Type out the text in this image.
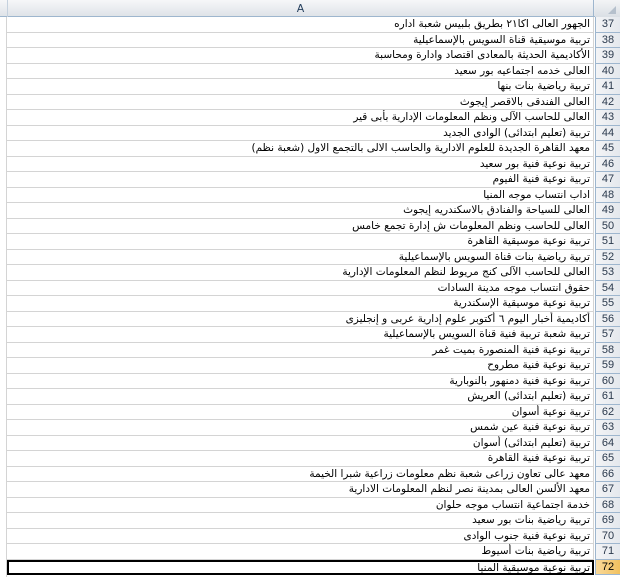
A
الجهور العالى اكا٢١ بطريق بلبيس شعبة اداره	37
تربية موسيقية قناة السويس بالإسماعيلية	38
الأكاديمية الحديثة بالمعادى اقتصاد وادارة ومحاسبة	39
العالى خدمه اجتماعيه بور سعيد	40
تربية رياضية بنات بنها	41
العالى الفندقى بالاقصر إيجوث	42
العالى للحاسب الآلى ونظم المعلومات الإدارية بأبى قير	43
تربية (تعليم ابتدائى) الوادى الجديد	44
معهد القاهرة الجديدة للعلوم الادارية والحاسب الالى بالتجمع الاول (شعبة نظم)	45
تربية نوعية فنية بور سعيد	46
تربية نوعية فنية الفيوم	47
اداب انتساب موجه المنيا	48
العالى للسياحة والفنادق بالاسكندريه إيجوث	49
العالى للحاسب ونظم المعلومات ش إدارة تجمع خامس	50
تربية نوعية موسيقية القاهرة	51
تربية رياضية بنات قناة السويس بالإسماعيلية	52
العالى للحاسب الآلى كنج مريوط لنظم المعلومات الإدارية	53
حقوق انتساب موجه مدينة السادات	54
تربية نوعية موسيقية الإسكندرية	55
أكاديمية أخبار اليوم ٦ أكتوبر علوم إدارية عربى و إنجليزى	56
تربية شعبة تربية فنية قناة السويس بالإسماعيلية	57
تربية نوعية فنية المنصورة بميت غمر	58
تربية نوعية فنية مطروح	59
تربية نوعية فنية دمنهور بالنوبارية	60
تربية (تعليم ابتدائى) العريش	61
تربية نوعية أسوان	62
تربية نوعية فنية عين شمس	63
تربية (تعليم ابتدائى) أسوان	64
تربية نوعية فنية القاهرة	65
معهد عالى تعاون زراعى شعبة نظم معلومات زراعية شبرا الخيمة	66
معهد الألسن العالى بمدينة نصر لنظم المعلومات الادارية	67
خدمة اجتماعية انتساب موجه حلوان	68
تربية رياضية بنات بور سعيد	69
تربية نوعية فنية جنوب الوادى	70
تربية رياضية بنات أسيوط	71
تربية نوعية موسيقية المنيا	72
